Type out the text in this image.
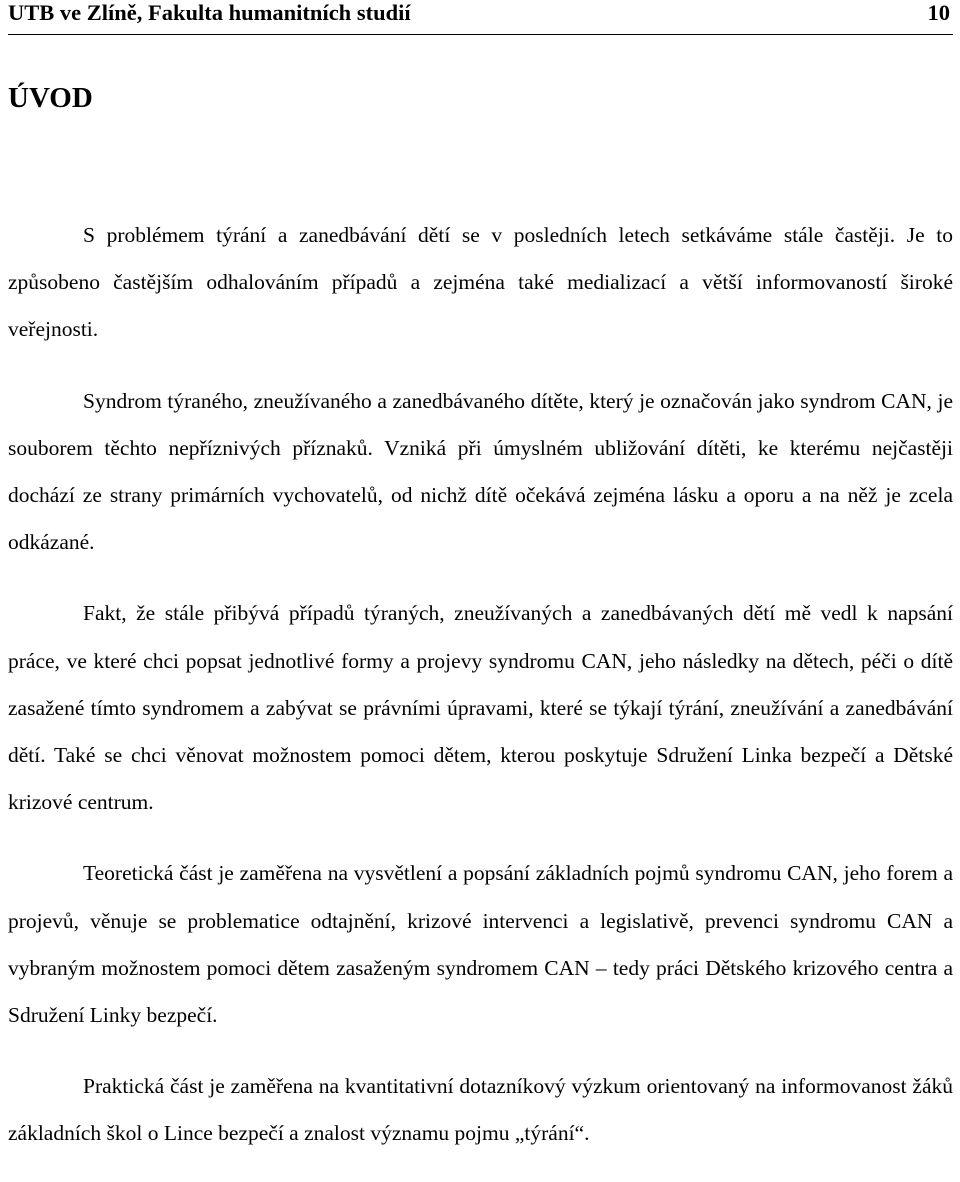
UTB ve Zlíně, Fakulta humanitních studií	10
ÚVOD

S problémem týrání a zanedbávání dětí se v posledních letech setkáváme stále častěji. Je to způsobeno častějším odhalováním případů a zejména také medializací a větší informovaností široké veřejnosti.

Syndrom týraného, zneužívaného a zanedbávaného dítěte, který je označován jako syndrom CAN, je souborem těchto nepříznivých příznaků. Vzniká při úmyslném ubližování dítěti, ke kterému nejčastěji dochází ze strany primárních vychovatelů, od nichž dítě očekává zejména lásku a oporu a na něž je zcela odkázané.

Fakt, že stále přibývá případů týraných, zneužívaných a zanedbávaných dětí mě vedl k napsání práce, ve které chci popsat jednotlivé formy a projevy syndromu CAN, jeho následky na dětech, péči o dítě zasažené tímto syndromem a zabývat se právními úpravami, které se týkají týrání, zneužívání a zanedbávání dětí. Také se chci věnovat možnostem pomoci dětem, kterou poskytuje Sdružení Linka bezpečí a Dětské krizové centrum.

Teoretická část je zaměřena na vysvětlení a popsání základních pojmů syndromu CAN, jeho forem a projevů, věnuje se problematice odtajnění, krizové intervenci a legislativě, prevenci syndromu CAN a vybraným možnostem pomoci dětem zasaženým syndromem CAN – tedy práci Dětského krizového centra a Sdružení Linky bezpečí.

Praktická část je zaměřena na kvantitativní dotazníkový výzkum orientovaný na informovanost žáků základních škol o Lince bezpečí a znalost významu pojmu „týrání“.
